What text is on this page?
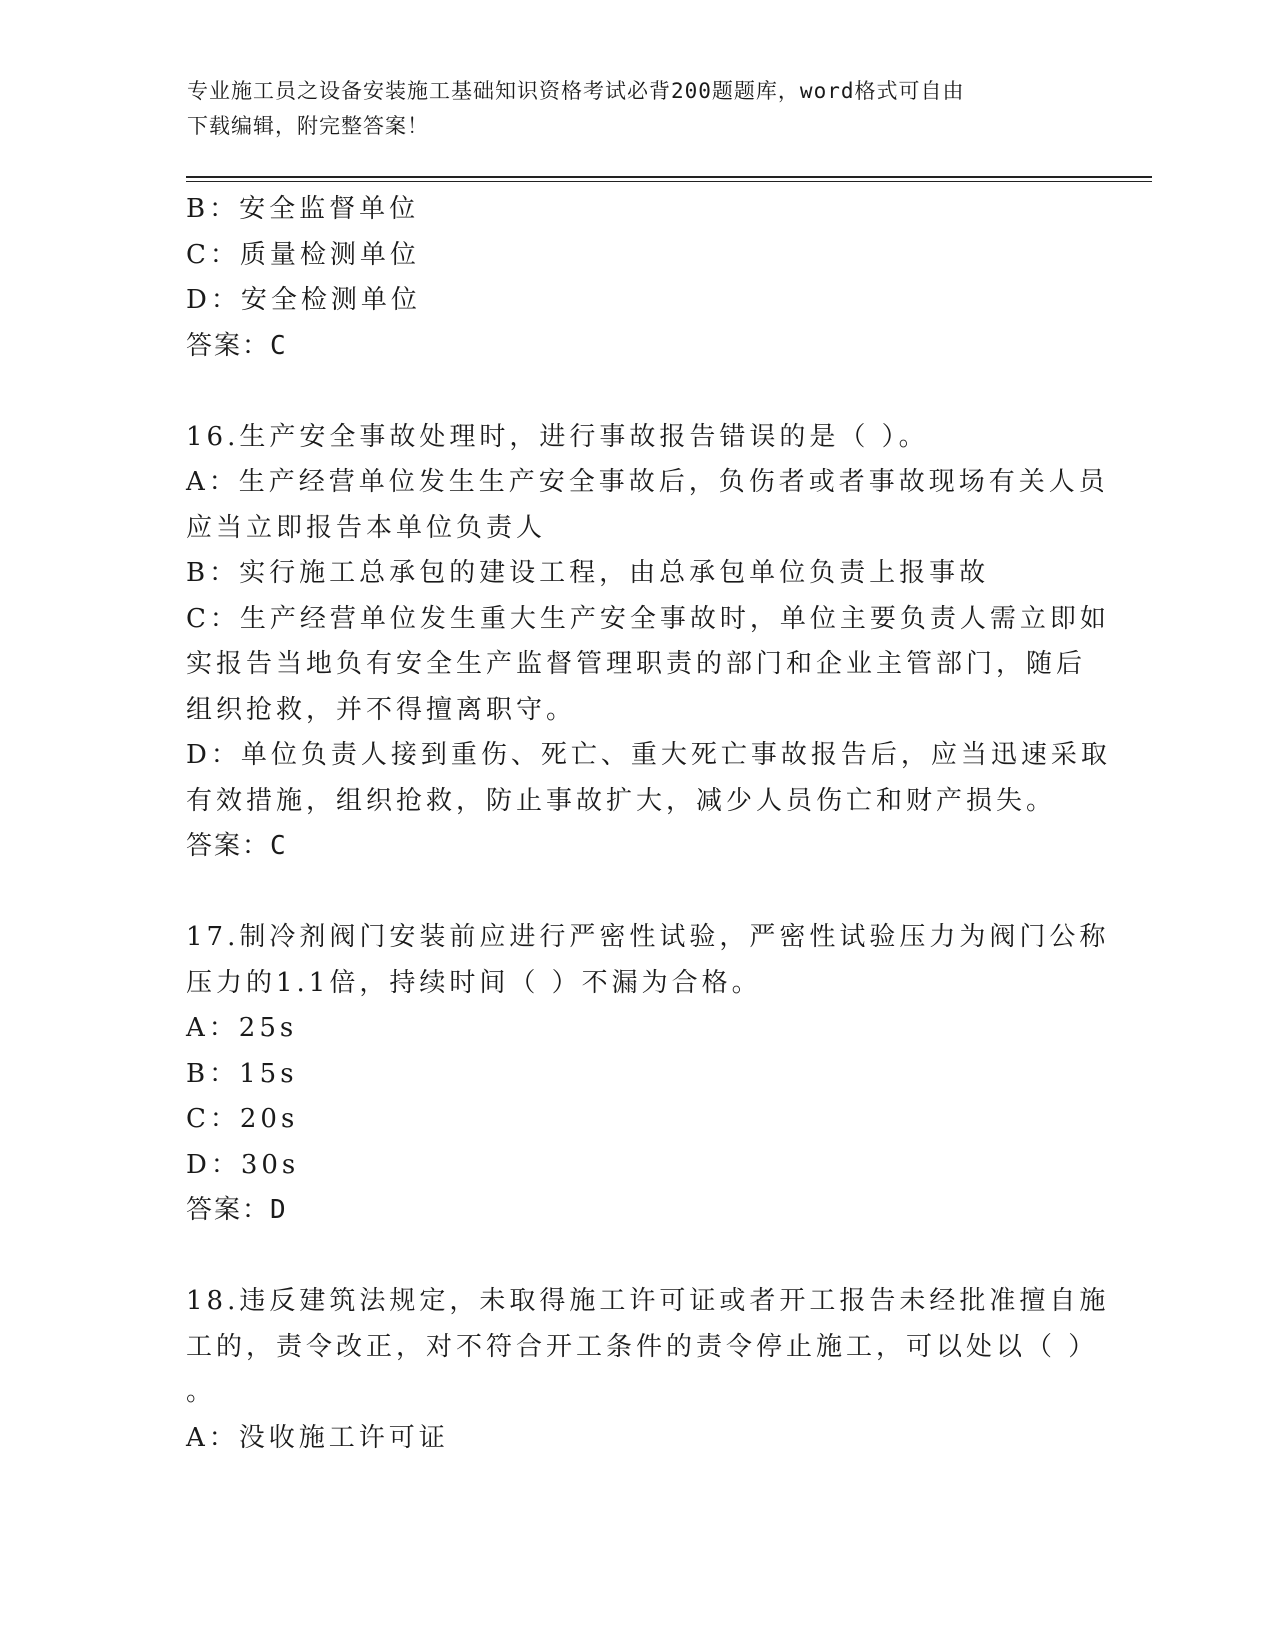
专业施工员之设备安装施工基础知识资格考试必背200题题库，word格式可自由
下载编辑，附完整答案！
B：安全监督单位
C：质量检测单位
D：安全检测单位
答案：C
16.生产安全事故处理时，进行事故报告错误的是（ ）。
A：生产经营单位发生生产安全事故后，负伤者或者事故现场有关人员
应当立即报告本单位负责人
B：实行施工总承包的建设工程，由总承包单位负责上报事故
C：生产经营单位发生重大生产安全事故时，单位主要负责人需立即如
实报告当地负有安全生产监督管理职责的部门和企业主管部门，随后
组织抢救，并不得擅离职守。
D：单位负责人接到重伤、死亡、重大死亡事故报告后，应当迅速采取
有效措施，组织抢救，防止事故扩大，减少人员伤亡和财产损失。
答案：C
17.制冷剂阀门安装前应进行严密性试验，严密性试验压力为阀门公称
压力的1.1倍，持续时间（ ）不漏为合格。
A：25s
B：15s
C：20s
D：30s
答案：D
18.违反建筑法规定，未取得施工许可证或者开工报告未经批准擅自施
工的，责令改正，对不符合开工条件的责令停止施工，可以处以（ ）
。
A：没收施工许可证
